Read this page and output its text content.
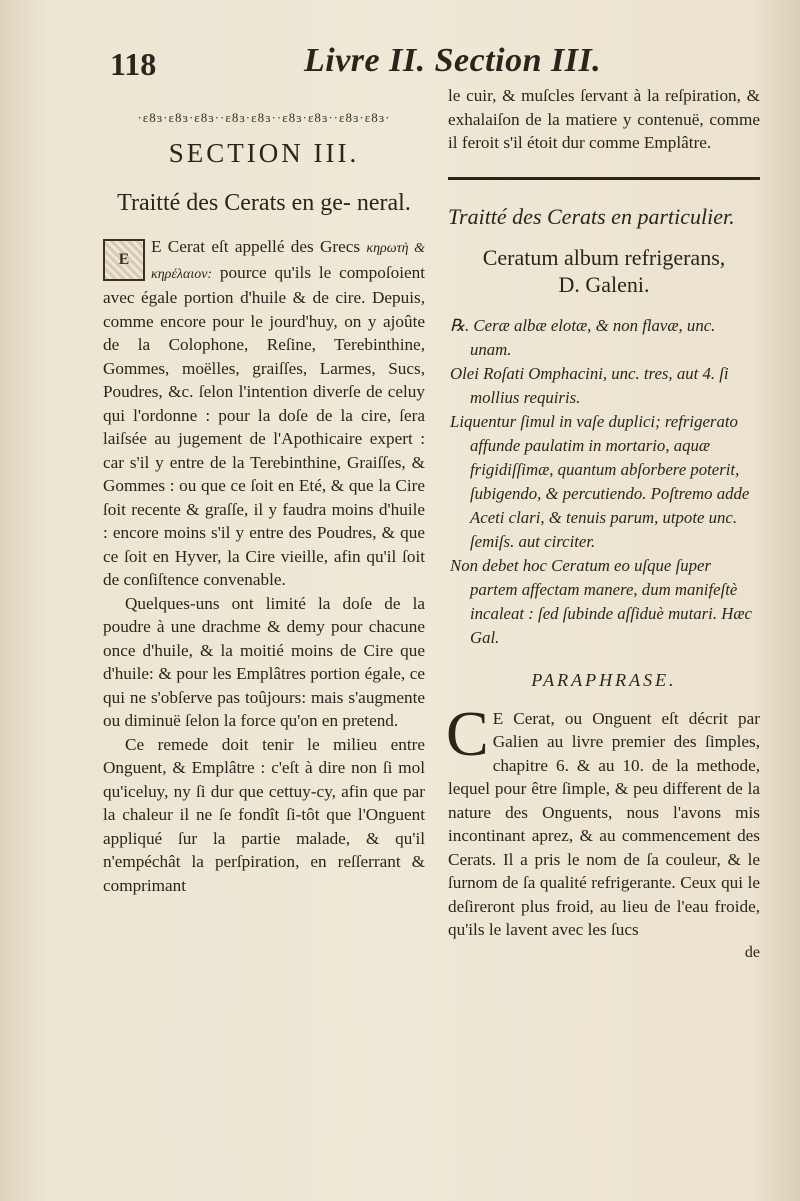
118	Livre II. Section III.
·ɛ8ɜ·ɛ8ɜ·ɛ8ɜ··ɛ8ɜ·ɛ8ɜ··ɛ8ɜ·ɛ8ɜ··ɛ8ɜ·ɛ8ɜ·
SECTION III.
Traitté des Cerats en ge- neral.

E
E Cerat eſt appellé des Grecs κηρωτὴ & κηρέλαιον: pource qu'ils le compoſoient avec égale portion d'huile & de cire. Depuis, comme encore pour le jourd'huy, on y ajoûte de la Colophone, Reſine, Terebinthine, Gommes, moëlles, graiſſes, Larmes, Sucs, Poudres, &c. ſelon l'intention diverſe de celuy qui l'ordonne : pour la doſe de la cire, ſera laiſsée au jugement de l'Apothicaire expert : car s'il y entre de la Terebinthine, Graiſſes, & Gommes : ou que ce ſoit en Eté, & que la Cire ſoit recente & graſſe, il y faudra moins d'huile : encore moins s'il y entre des Poudres, & que ce ſoit en Hyver, la Cire vieille, afin qu'il ſoit de conſiſtence convenable.

Quelques-uns ont limité la doſe de la poudre à une drachme & demy pour chacune once d'huile, & la moitié moins de Cire que d'huile: & pour les Emplâtres portion égale, ce qui ne s'obſerve pas toûjours: mais s'augmente ou diminuë ſelon la force qu'on en pretend.

Ce remede doit tenir le milieu entre Onguent, & Emplâtre : c'eſt à dire non ſi mol qu'iceluy, ny ſi dur que cettuy-cy, afin que par la chaleur il ne ſe fondît ſi-tôt que l'Onguent appliqué ſur la partie malade, & qu'il n'empéchât la perſpiration, en reſſerrant & comprimant

le cuir, & muſcles ſervant à la reſpiration, & exhalaiſon de la matiere y contenuë, comme il feroit s'il étoit dur comme Emplâtre.

Traitté des Cerats en particulier.
Ceratum album refrigerans,
D. Galeni.

℞. Ceræ albæ elotæ, & non flavæ, unc. unam.

Olei Roſati Omphacini, unc. tres, aut 4. ſi mollius requiris.

Liquentur ſimul in vaſe duplici; refrigerato affunde paulatim in mortario, aquæ frigidiſſimæ, quantum abſorbere poterit, ſubigendo, & percutiendo. Poſtremo adde Aceti clari, & tenuis parum, utpote unc. ſemiſs. aut circiter.

Non debet hoc Ceratum eo uſque ſuper partem affectam manere, dum manifeſtè incaleat : ſed ſubinde aſſiduè mutari. Hæc Gal.

PARAPHRASE.

C E Cerat, ou Onguent eſt décrit par Galien au livre premier des ſimples, chapitre 6. & au 10. de la methode, lequel pour être ſimple, & peu different de la nature des Onguents, nous l'avons mis incontinant aprez, & au commencement des Cerats. Il a pris le nom de ſa couleur, & le ſurnom de ſa qualité refrigerante. Ceux qui le deſireront plus froid, au lieu de l'eau froide, qu'ils le lavent avec les ſucs

de
